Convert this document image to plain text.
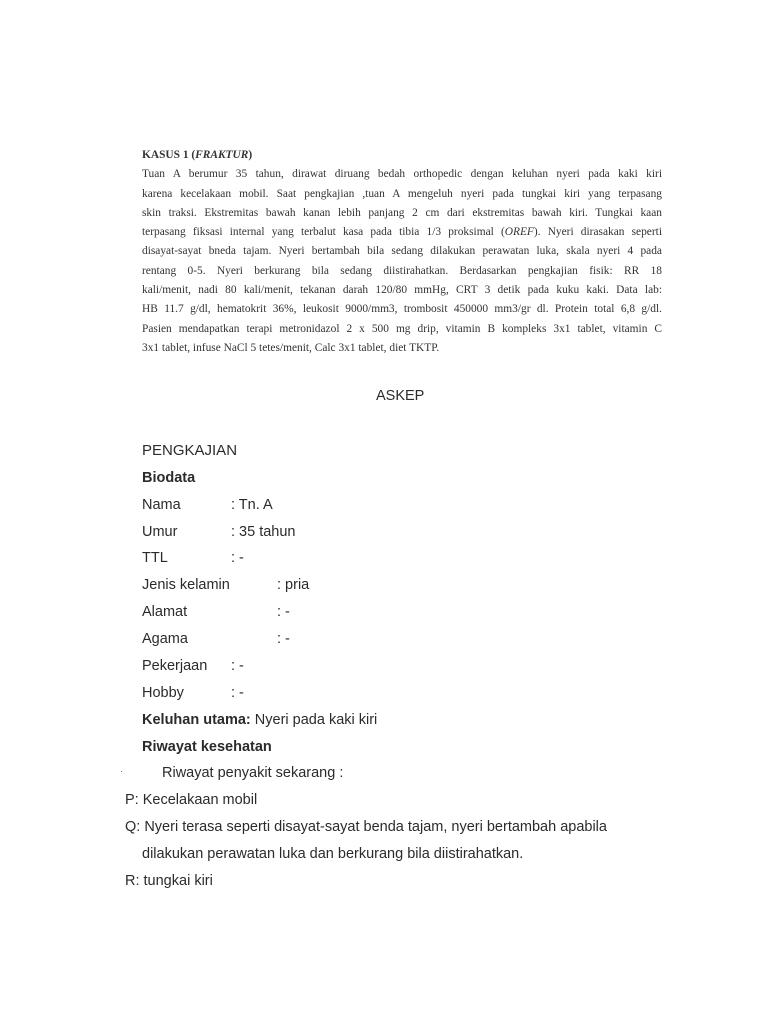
KASUS 1 (FRAKTUR)

Tuan A berumur 35 tahun, dirawat diruang bedah orthopedic dengan keluhan nyeri pada kaki kiri
karena kecelakaan mobil. Saat pengkajian ,tuan A mengeluh nyeri pada tungkai kiri yang terpasang
skin traksi. Ekstremitas bawah kanan lebih panjang 2 cm dari ekstremitas bawah kiri. Tungkai kaan
terpasang fiksasi internal yang terbalut kasa pada tibia 1/3 proksimal (OREF). Nyeri dirasakan seperti
disayat-sayat bneda tajam. Nyeri bertambah bila sedang dilakukan perawatan luka, skala nyeri 4 pada
rentang 0-5. Nyeri berkurang bila sedang diistirahatkan. Berdasarkan pengkajian fisik: RR 18
kali/menit, nadi 80 kali/menit, tekanan darah 120/80 mmHg, CRT 3 detik pada kuku kaki. Data lab:
HB 11.7 g/dl, hematokrit 36%, leukosit 9000/mm3, trombosit 450000 mm3/gr dl. Protein total 6,8 g/dl.
Pasien mendapatkan terapi metronidazol 2 x 500 mg drip, vitamin B kompleks 3x1 tablet, vitamin C
3x1 tablet, infuse NaCl 5 tetes/menit, Calc 3x1 tablet, diet TKTP.

ASKEP
PENGKAJIAN
Biodata
Nama	: Tn. A
Umur	: 35 tahun
TTL	: -
Jenis kelamin	: pria
Alamat	: -
Agama	: -
Pekerjaan : -
Hobby	: -
Keluhan utama: Nyeri pada kaki kiri
Riwayat kesehatan
·	Riwayat penyakit sekarang :
P: Kecelakaan mobil
Q: Nyeri terasa seperti disayat-sayat benda tajam, nyeri bertambah apabila
dilakukan perawatan luka dan berkurang bila diistirahatkan.
R: tungkai kiri
